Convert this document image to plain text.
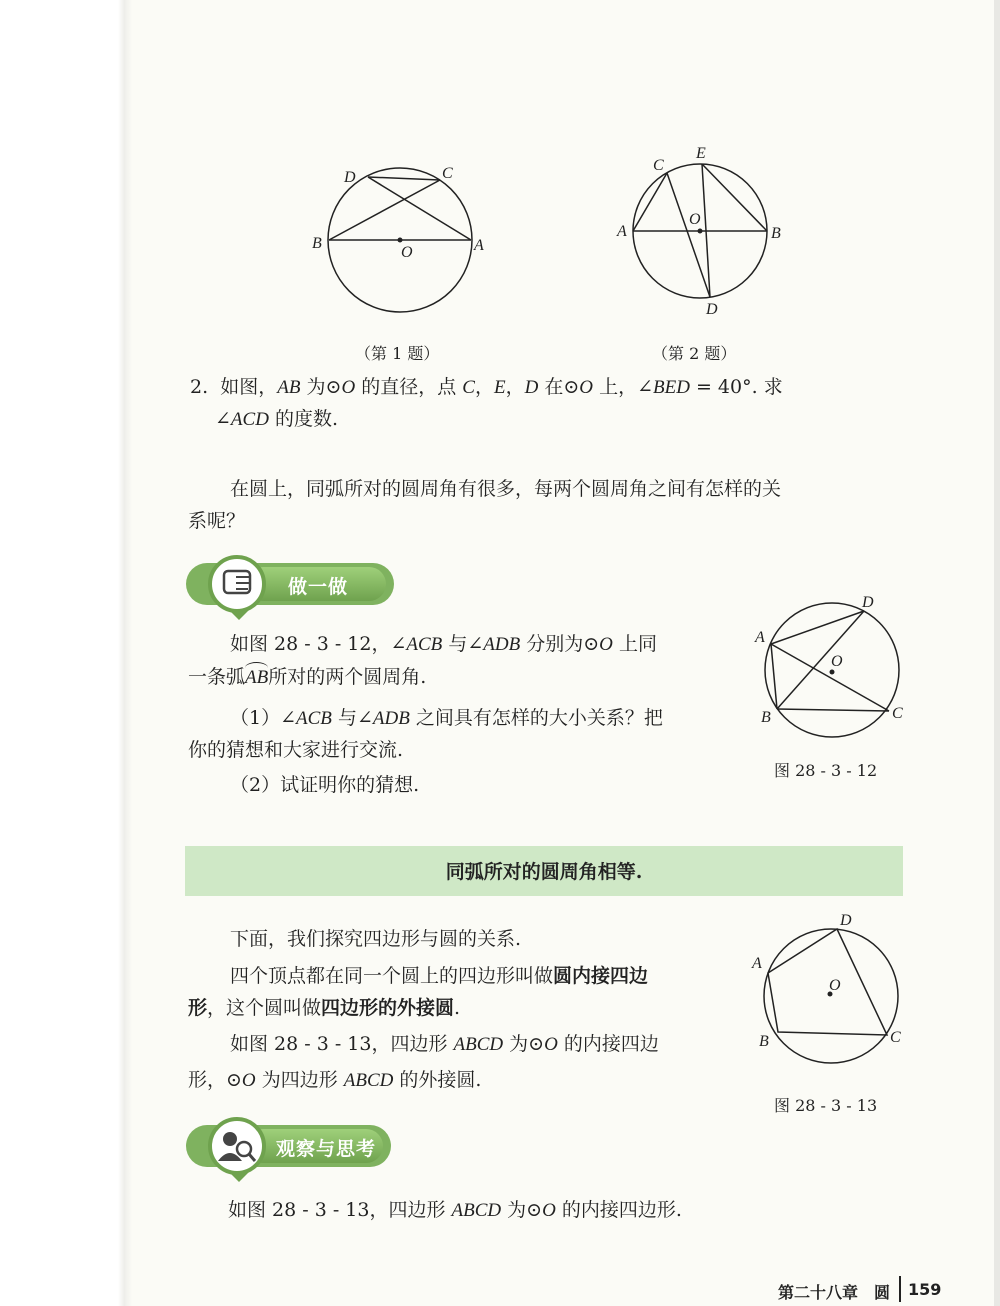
D	C
B
O	A
（第 1 题）
E
C
A
O
B
D
（第 2 题）
2. 如图，AB 为⊙O 的直径，点 C，E，D 在⊙O 上，∠BED = 40°. 求
∠ACD 的度数.
在圆上，同弧所对的圆周角有很多，每两个圆周角之间有怎样的关
系呢？
做一做
如图 28 - 3 - 12，∠ACB 与∠ADB 分别为⊙O 上同
一条弧AB所对的两个圆周角.
（1）∠ACB 与∠ADB 之间具有怎样的大小关系？把
你的猜想和大家进行交流.
（2）试证明你的猜想.
D
A
O
B	C
图 28 - 3 - 12
同弧所对的圆周角相等.
下面，我们探究四边形与圆的关系.
四个顶点都在同一个圆上的四边形叫做圆内接四边
形，这个圆叫做四边形的外接圆.
如图 28 - 3 - 13，四边形 ABCD 为⊙O 的内接四边
形，⊙O 为四边形 ABCD 的外接圆.
D
A
O
B	C
图 28 - 3 - 13
观察与思考
如图 28 - 3 - 13，四边形 ABCD 为⊙O 的内接四边形.
第二十八章　圆 159
